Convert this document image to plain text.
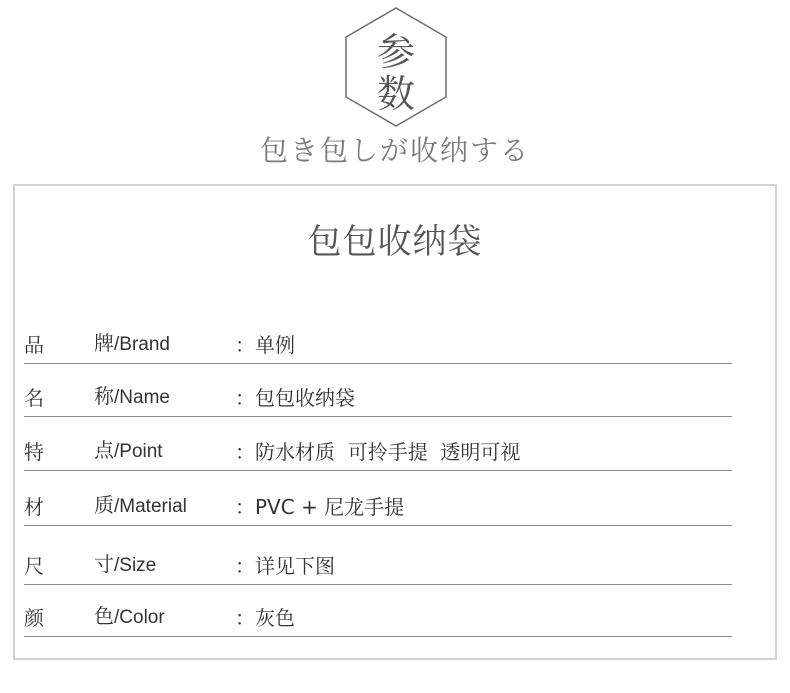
参
数
包き包しが收纳する
包包收纳袋
品	牌/Brand	：单例
名	称/Name	：包包收纳袋
特	点/Point	：防水材质  可拎手提  透明可视
材	质/Material ：PVC + 尼龙手提
尺	寸/Size	：详见下图
颜	色/Color	：灰色
